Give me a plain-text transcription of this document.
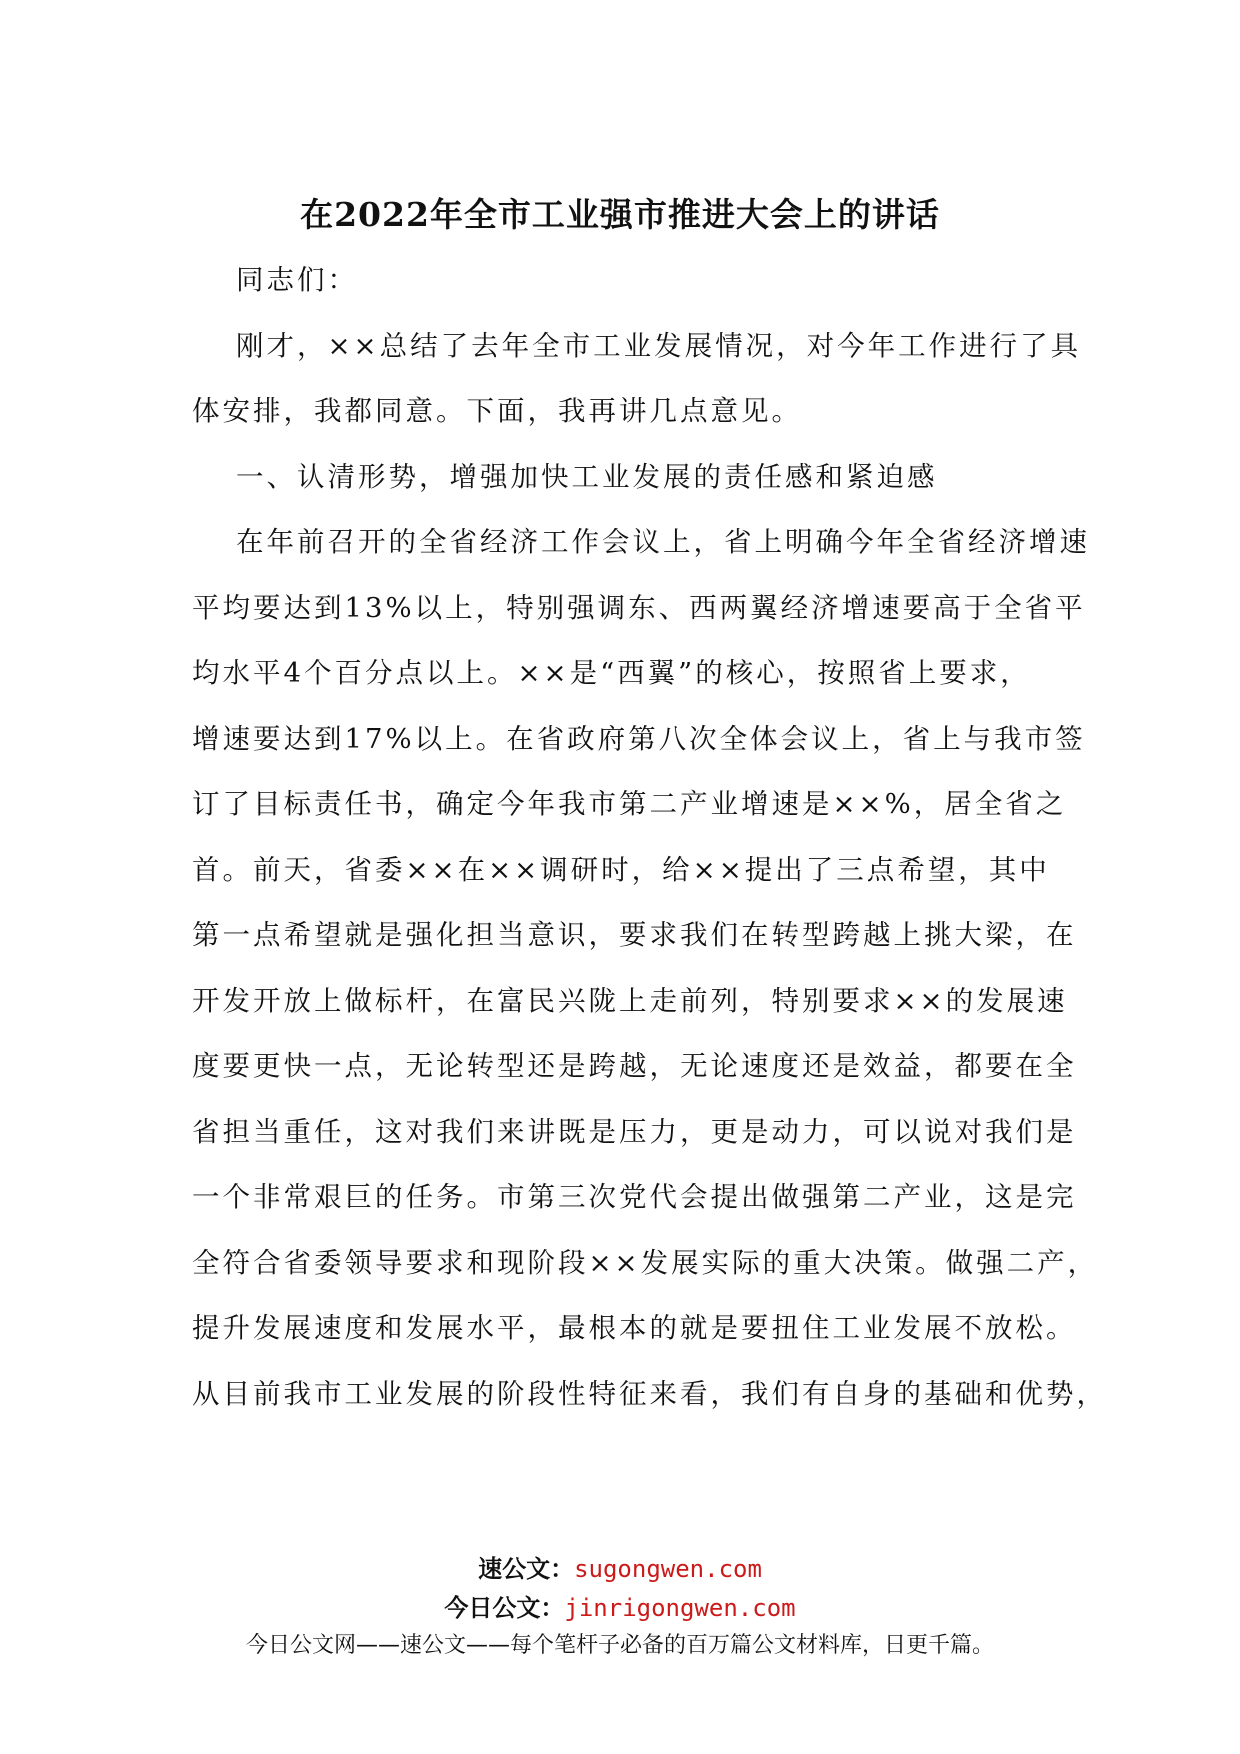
在2022年全市工业强市推进大会上的讲话
同志们：
刚才，××总结了去年全市工业发展情况，对今年工作进行了具
体安排，我都同意。下面，我再讲几点意见。
一、认清形势，增强加快工业发展的责任感和紧迫感
在年前召开的全省经济工作会议上，省上明确今年全省经济增速
平均要达到13%以上，特别强调东、西两翼经济增速要高于全省平
均水平4个百分点以上。××是“西翼”的核心，按照省上要求，
增速要达到17%以上。在省政府第八次全体会议上，省上与我市签
订了目标责任书，确定今年我市第二产业增速是××%，居全省之
首。前天，省委××在××调研时，给××提出了三点希望，其中
第一点希望就是强化担当意识，要求我们在转型跨越上挑大梁，在
开发开放上做标杆，在富民兴陇上走前列，特别要求××的发展速
度要更快一点，无论转型还是跨越，无论速度还是效益，都要在全
省担当重任，这对我们来讲既是压力，更是动力，可以说对我们是
一个非常艰巨的任务。市第三次党代会提出做强第二产业，这是完
全符合省委领导要求和现阶段××发展实际的重大决策。做强二产，
提升发展速度和发展水平，最根本的就是要扭住工业发展不放松。
从目前我市工业发展的阶段性特征来看，我们有自身的基础和优势，
速公文：sugongwen.com
今日公文：jinrigongwen.com
今日公文网——速公文——每个笔杆子必备的百万篇公文材料库，日更千篇。
